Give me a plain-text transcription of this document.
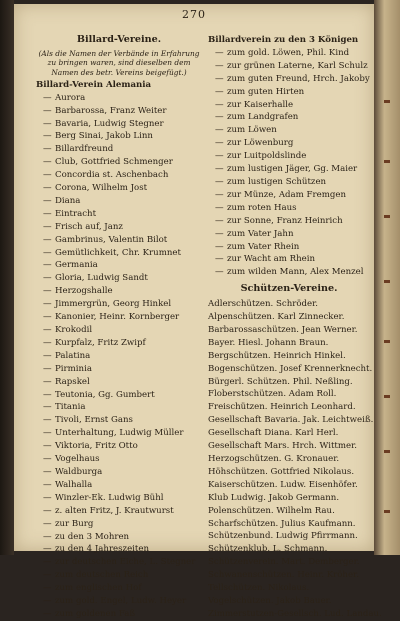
270

Billard-Vereine.

(Als die Namen der Verbände in Erfahrung zu bringen waren, sind dieselben dem Namen des betr. Vereins beigefügt.)

Billard-Verein Alemania

— Aurora

— Barbarossa, Franz Weiter

— Bavaria, Ludwig Stegner

— Berg Sinai, Jakob Linn

— Billardfreund

— Club, Gottfried Schmenger

— Concordia st. Aschenbach

— Corona, Wilhelm Jost

— Diana

— Eintracht

— Frisch auf, Janz

— Gambrinus, Valentin Bilot

— Gemütlichkeit, Chr. Krumnet

— Germania

— Gloria, Ludwig Sandt

— Herzogshalle

— Jimmergrün, Georg Hinkel

— Kanonier, Heinr. Kornberger

— Krokodil

— Kurpfalz, Fritz Zwipf

— Palatina

— Pirminia

— Rapskel

— Teutonia, Gg. Gumbert

— Titania

— Tivoli, Ernst Gans

— Unterhaltung, Ludwig Müller

— Viktoria, Fritz Otto

— Vogelhaus

— Waldburga

— Walhalla

— Winzler-Ek. Ludwig Bühl

— z. alten Fritz, J. Krautwurst

— zur Burg

— zu den 3 Mohren

— zu den 4 Jahreszeiten

— zur deutschen Eiche, L. Stegner

— zum deutschen Reich

— zum englischen Hof

— zum gold. Engel, Ludw. Heyer

— zum goldenen Faß

Billardverein zu den 3 Königen

— zum gold. Löwen, Phil. Kind

— zur grünen Laterne, Karl Schulz

— zum guten Freund, Hrch. Jakoby

— zum guten Hirten

— zur Kaiserhalle

— zum Landgrafen

— zum Löwen

— zur Löwenburg

— zur Luitpoldslinde

— zum lustigen Jäger, Gg. Maier

— zum lustigen Schützen

— zur Münze, Adam Fremgen

— zum roten Haus

— zur Sonne, Franz Heinrich

— zum Vater Jahn

— zum Vater Rhein

— zur Wacht am Rhein

— zum wilden Mann, Alex Menzel

Schützen-Vereine.

Adlerschützen. Schröder.

Alpenschützen. Karl Zinnecker.

Barbarossaschützen. Jean Werner.

Bayer. Hiesl. Johann Braun.

Bergschützen. Heinrich Hinkel.

Bogenschützen. Josef Krennerknecht.

Bürgerl. Schützen. Phil. Neßling.

Floberstschützen. Adam Roll.

Freischützen. Heinrich Leonhard.

Gesellschaft Bavaria. Jak. Leichtweiß.

Gesellschaft Diana. Karl Herl.

Gesellschaft Mars. Hrch. Wittmer.

Herzogschützen. G. Kronauer.

Höhschützen. Gottfried Nikolaus.

Kaiserschützen. Ludw. Eisenhöfer.

Klub Ludwig. Jakob Germann.

Polenschützen. Wilhelm Rau.

Scharfschützen. Julius Kaufmann.

Schützenbund. Ludwig Pfirrmann.

Schützenklub. L. Schmann.

Schützenverein. Mart. Demberger.

Schwanenschützen. Heinr. Kröher.

Tellschützen. Nikolaus.

Vogelschützen. Jakob Bauer.

Zimmerstutzen-Gesellsch. Lud. Landau.
